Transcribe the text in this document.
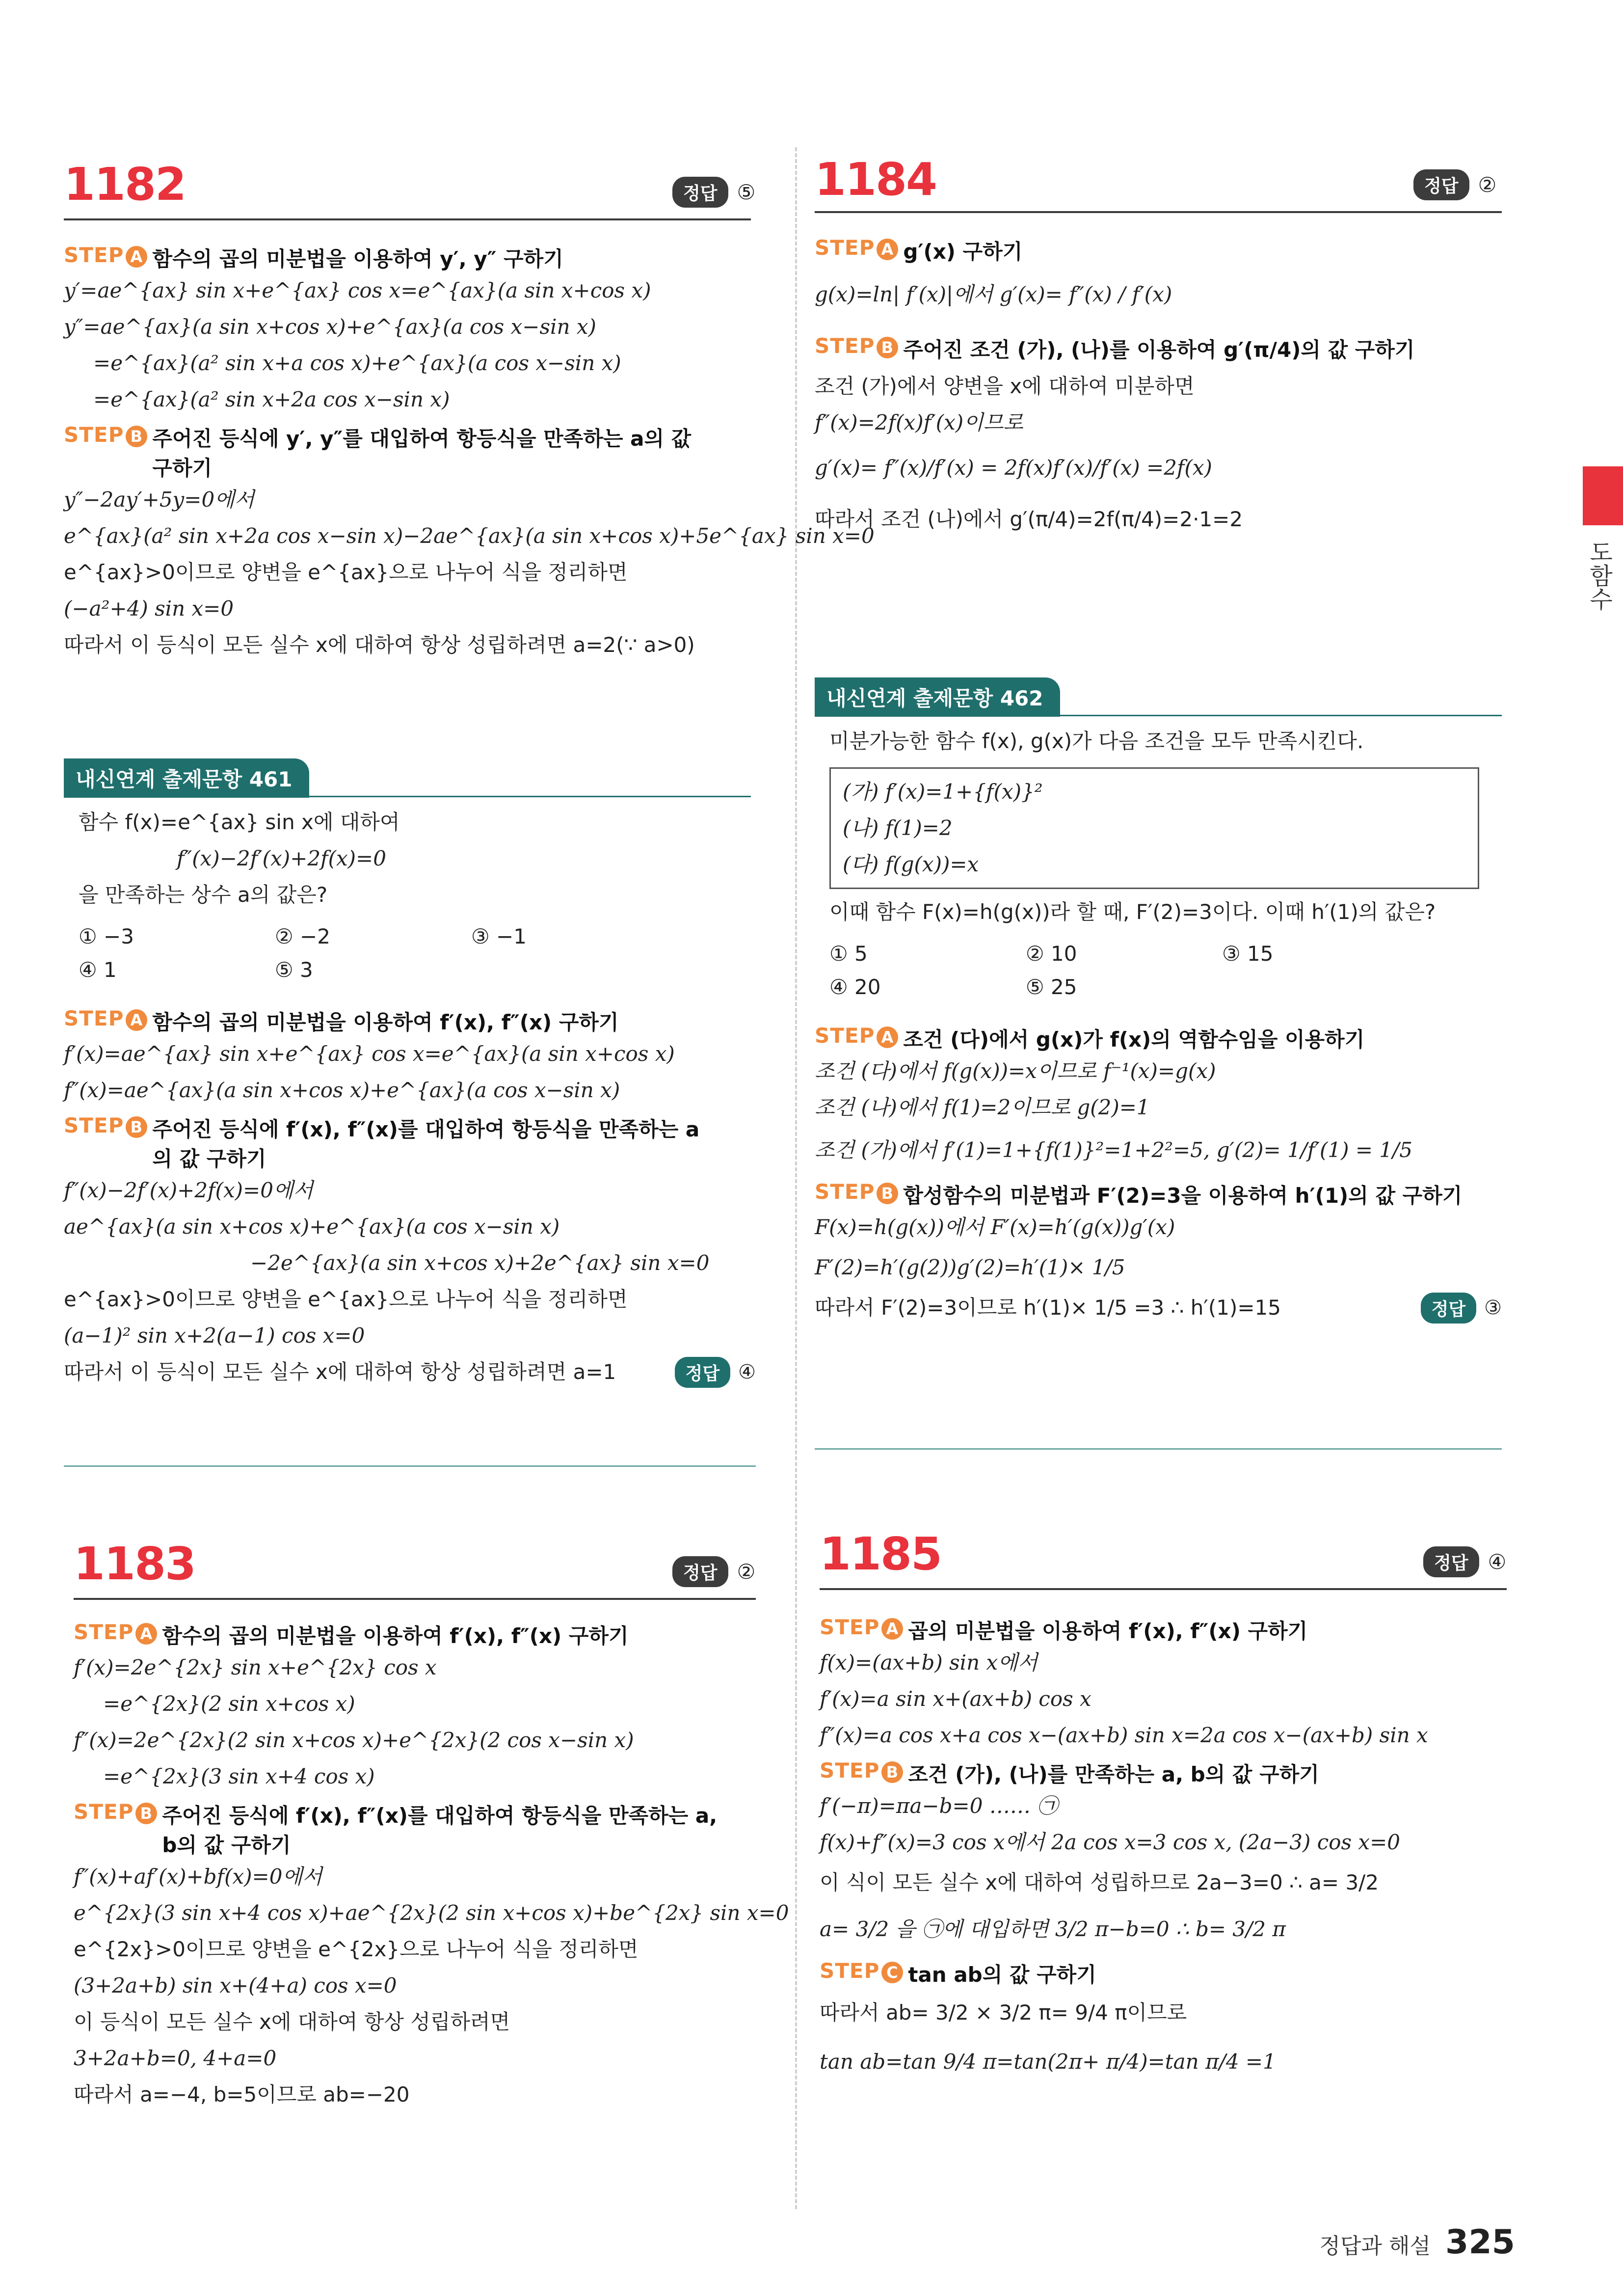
1182	정답 ⑤
STEP A 함수의 곱의 미분법을 이용하여 y′, y″ 구하기
y′=ae^{ax} sin x+e^{ax} cos x=e^{ax}(a sin x+cos x)
y″=ae^{ax}(a sin x+cos x)+e^{ax}(a cos x−sin x)
=e^{ax}(a² sin x+a cos x)+e^{ax}(a cos x−sin x)
=e^{ax}(a² sin x+2a cos x−sin x)
STEP B 주어진 등식에 y′, y″를 대입하여 항등식을 만족하는 a의 값 구하기
y″−2ay′+5y=0에서
e^{ax}(a² sin x+2a cos x−sin x)−2ae^{ax}(a sin x+cos x)+5e^{ax} sin x=0
e^{ax}>0이므로 양변을 e^{ax}으로 나누어 식을 정리하면
(−a²+4) sin x=0
따라서 이 등식이 모든 실수 x에 대하여 항상 성립하려면 a=2(∵ a>0)
내신연계 출제문항 461
함수 f(x)=e^{ax} sin x에 대하여
f″(x)−2f′(x)+2f(x)=0
을 만족하는 상수 a의 값은?
① −3	② −2	③ −1
④ 1	⑤ 3
STEP A 함수의 곱의 미분법을 이용하여 f′(x), f″(x) 구하기
f′(x)=ae^{ax} sin x+e^{ax} cos x=e^{ax}(a sin x+cos x)
f″(x)=ae^{ax}(a sin x+cos x)+e^{ax}(a cos x−sin x)
STEP B 주어진 등식에 f′(x), f″(x)를 대입하여 항등식을 만족하는 a의 값 구하기
f″(x)−2f′(x)+2f(x)=0에서
ae^{ax}(a sin x+cos x)+e^{ax}(a cos x−sin x)
−2e^{ax}(a sin x+cos x)+2e^{ax} sin x=0
e^{ax}>0이므로 양변을 e^{ax}으로 나누어 식을 정리하면
(a−1)² sin x+2(a−1) cos x=0
따라서 이 등식이 모든 실수 x에 대하여 항상 성립하려면 a=1	정답 ④
1183	정답 ②
STEP A 함수의 곱의 미분법을 이용하여 f′(x), f″(x) 구하기
f′(x)=2e^{2x} sin x+e^{2x} cos x
=e^{2x}(2 sin x+cos x)
f″(x)=2e^{2x}(2 sin x+cos x)+e^{2x}(2 cos x−sin x)
=e^{2x}(3 sin x+4 cos x)
STEP B 주어진 등식에 f′(x), f″(x)를 대입하여 항등식을 만족하는 a, b의 값 구하기
f″(x)+af′(x)+bf(x)=0에서
e^{2x}(3 sin x+4 cos x)+ae^{2x}(2 sin x+cos x)+be^{2x} sin x=0
e^{2x}>0이므로 양변을 e^{2x}으로 나누어 식을 정리하면
(3+2a+b) sin x+(4+a) cos x=0
이 등식이 모든 실수 x에 대하여 항상 성립하려면
3+2a+b=0, 4+a=0
따라서 a=−4, b=5이므로 ab=−20
1184	정답 ②
STEP A g′(x) 구하기
g(x)=ln| f′(x)|에서 g′(x)= f″(x) / f′(x)
STEP B 주어진 조건 (가), (나)를 이용하여 g′(π/4)의 값 구하기
조건 (가)에서 양변을 x에 대하여 미분하면
f″(x)=2f(x)f′(x)이므로
g′(x)= f″(x)/f′(x) = 2f(x)f′(x)/f′(x) =2f(x)
따라서 조건 (나)에서 g′(π/4)=2f(π/4)=2·1=2
내신연계 출제문항 462
미분가능한 함수 f(x), g(x)가 다음 조건을 모두 만족시킨다.
(가) f′(x)=1+{f(x)}²
(나) f(1)=2
(다) f(g(x))=x
이때 함수 F(x)=h(g(x))라 할 때, F′(2)=3이다. 이때 h′(1)의 값은?
① 5	② 10	③ 15
④ 20	⑤ 25
STEP A 조건 (다)에서 g(x)가 f(x)의 역함수임을 이용하기
조건 (다)에서 f(g(x))=x이므로 f⁻¹(x)=g(x)
조건 (나)에서 f(1)=2이므로 g(2)=1
조건 (가)에서 f′(1)=1+{f(1)}²=1+2²=5, g′(2)= 1/f′(1) = 1/5
STEP B 합성함수의 미분법과 F′(2)=3을 이용하여 h′(1)의 값 구하기
F(x)=h(g(x))에서 F′(x)=h′(g(x))g′(x)
F′(2)=h′(g(2))g′(2)=h′(1)× 1/5
따라서 F′(2)=3이므로 h′(1)× 1/5 =3 ∴ h′(1)=15	정답 ③
1185	정답 ④
STEP A 곱의 미분법을 이용하여 f′(x), f″(x) 구하기
f(x)=(ax+b) sin x에서
f′(x)=a sin x+(ax+b) cos x
f″(x)=a cos x+a cos x−(ax+b) sin x=2a cos x−(ax+b) sin x
STEP B 조건 (가), (나)를 만족하는 a, b의 값 구하기
f′(−π)=πa−b=0 …… ㉠
f(x)+f″(x)=3 cos x에서 2a cos x=3 cos x, (2a−3) cos x=0
이 식이 모든 실수 x에 대하여 성립하므로 2a−3=0 ∴ a= 3/2
a= 3/2 을 ㉠에 대입하면 3/2 π−b=0 ∴ b= 3/2 π
STEP C tan ab의 값 구하기
따라서 ab= 3/2 × 3/2 π= 9/4 π이므로
tan ab=tan 9/4 π=tan(2π+ π/4)=tan π/4 =1
도함수
정답과 해설 325
